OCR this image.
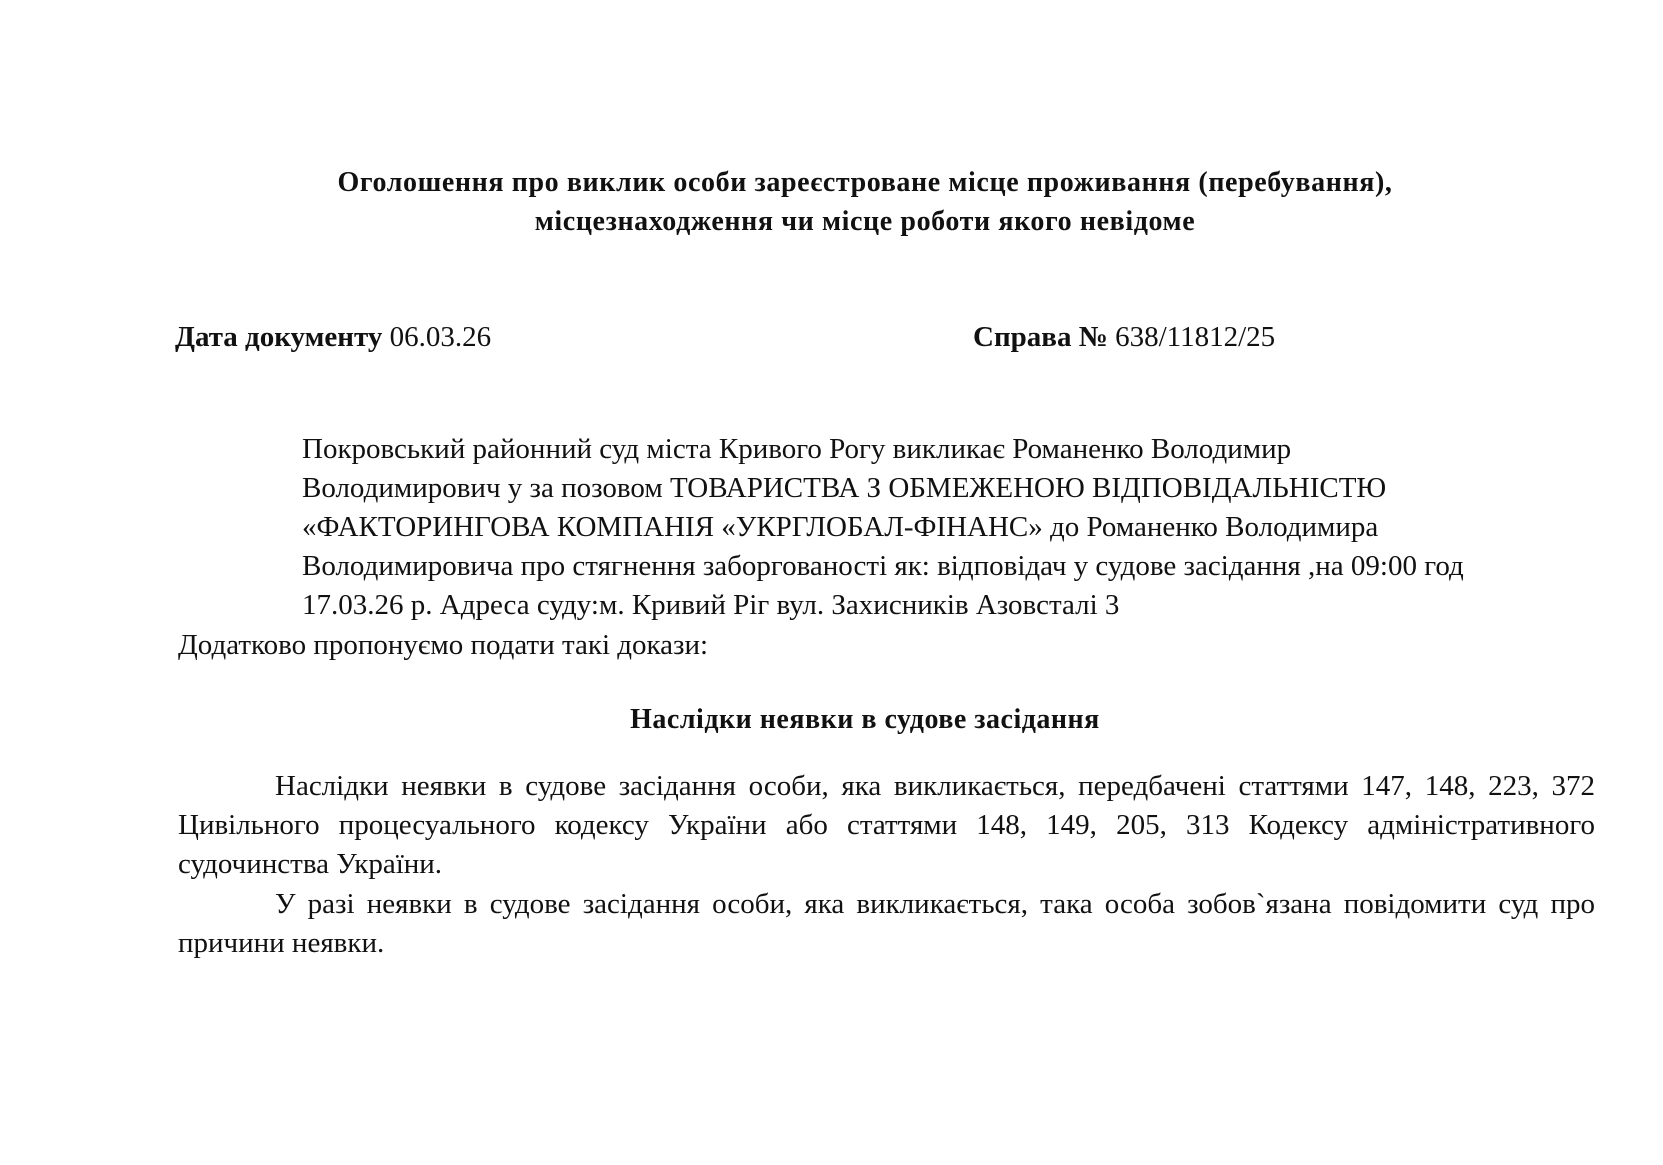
Оголошення про виклик особи зареєстроване місце проживання (перебування),
місцезнаходження чи місце роботи якого невідоме
Дата документу 06.03.26	Справа № 638/11812/25
Покровський районний суд міста Кривого Рогу викликає Романенко Володимир
Володимирович у за позовом ТОВАРИСТВА З ОБМЕЖЕНОЮ ВІДПОВІДАЛЬНІСТЮ
«ФАКТОРИНГОВА КОМПАНІЯ «УКРГЛОБАЛ-ФІНАНС» до Романенко Володимира
Володимировича про стягнення заборгованості як: відповідач у судове засідання ,на 09:00 год
17.03.26 р. Адреса суду:м. Кривий Ріг вул. Захисників Азовсталі 3
Додатково пропонуємо подати такі докази:
Наслідки неявки в судове засідання
Наслідки неявки в судове засідання особи, яка викликається, передбачені статтями 147, 148, 223, 372 Цивільного процесуального кодексу України або статтями 148, 149, 205, 313 Кодексу адміністративного судочинства України.
У разі неявки в судове засідання особи, яка викликається, така особа зобов`язана повідомити суд про причини неявки.
